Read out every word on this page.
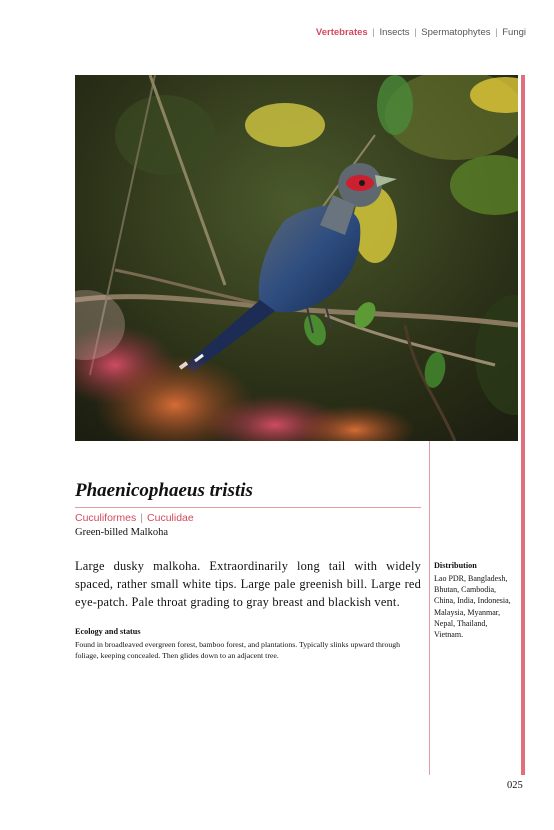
Vertebrates | Insects | Spermatophytes | Fungi
Phaenicophaeus tristis
Cuculiformes | Cuculidae
Green-billed Malkoha
Large dusky malkoha. Extraordinarily long tail with widely spaced, rather small white tips. Large pale greenish bill. Large red eye-patch. Pale throat grading to gray breast and blackish vent.
Ecology and status
Found in broadleaved evergreen forest, bamboo forest, and plantations. Typically slinks upward through foliage, keeping concealed. Then glides down to an adjacent tree.
Distribution
Lao PDR, Bangladesh, Bhutan, Cambodia, China, India, Indonesia, Malaysia, Myanmar, Nepal, Thailand, Vietnam.
025
